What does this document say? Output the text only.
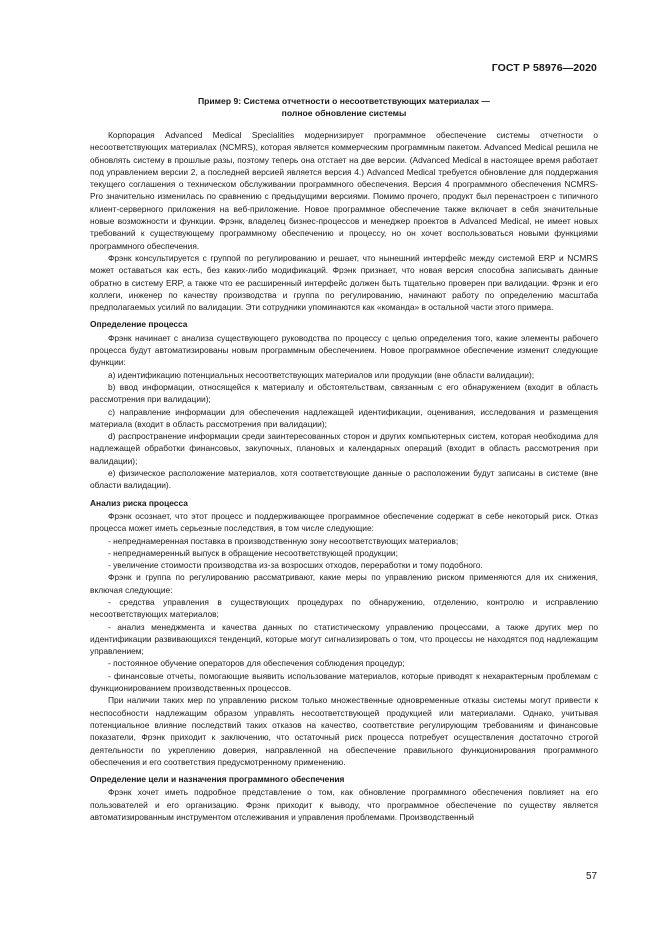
ГОСТ Р 58976—2020
Пример 9: Система отчетности о несоответствующих материалах —
полное обновление системы

Корпорация Advanced Medical Specialities модернизирует программное обеспечение системы отчетности о несоответствующих материалах (NCMRS), которая является коммерческим программным пакетом. Advanced Medical решила не обновлять систему в прошлые разы, поэтому теперь она отстает на две версии. (Advanced Medical в настоящее время работает под управлением версии 2, а последней версией является версия 4.) Advanced Medical требуется обновление для поддержания текущего соглашения о техническом обслуживании программного обеспечения. Версия 4 программного обеспечения NCMRS-Pro значительно изменилась по сравнению с предыдущими версиями. Помимо прочего, продукт был перенастроен с типичного клиент-серверного приложения на веб-приложение. Новое программное обеспечение также включает в себя значительные новые возможности и функции. Фрэнк, владелец бизнес-процессов и менеджер проектов в Advanced Medical, не имеет новых требований к существующему программному обеспечению и процессу, но он хочет воспользоваться новыми функциями программного обеспечения.

Фрэнк консультируется с группой по регулированию и решает, что нынешний интерфейс между системой ERP и NCMRS может оставаться как есть, без каких-либо модификаций. Фрэнк признает, что новая версия способна записывать данные обратно в систему ERP, а также что ее расширенный интерфейс должен быть тщательно проверен при валидации. Фрэнк и его коллеги, инженер по качеству производства и группа по регулированию, начинают работу по определению масштаба предполагаемых усилий по валидации. Эти сотрудники упоминаются как «команда» в остальной части этого примера.

Определение процесса

Фрэнк начинает с анализа существующего руководства по процессу с целью определения того, какие элементы рабочего процесса будут автоматизированы новым программным обеспечением. Новое программное обеспечение изменит следующие функции:

a) идентификацию потенциальных несоответствующих материалов или продукции (вне области валидации);

b) ввод информации, относящейся к материалу и обстоятельствам, связанным с его обнаружением (входит в область рассмотрения при валидации);

c) направление информации для обеспечения надлежащей идентификации, оценивания, исследования и размещения материала (входит в область рассмотрения при валидации);

d) распространение информации среди заинтересованных сторон и других компьютерных систем, которая необходима для надлежащей обработки финансовых, закупочных, плановых и календарных операций (входит в область рассмотрения при валидации);

e) физическое расположение материалов, хотя соответствующие данные о расположении будут записаны в системе (вне области валидации).

Анализ риска процесса

Фрэнк осознает, что этот процесс и поддерживающее программное обеспечение содержат в себе некоторый риск. Отказ процесса может иметь серьезные последствия, в том числе следующие:

- непреднамеренная поставка в производственную зону несоответствующих материалов;

- непреднамеренный выпуск в обращение несоответствующей продукции;

- увеличение стоимости производства из-за возросших отходов, переработки и тому подобного.

Фрэнк и группа по регулированию рассматривают, какие меры по управлению риском применяются для их снижения, включая следующие:

- средства управления в существующих процедурах по обнаружению, отделению, контролю и исправлению несоответствующих материалов;

- анализ менеджмента и качества данных по статистическому управлению процессами, а также других мер по идентификации развивающихся тенденций, которые могут сигнализировать о том, что процессы не находятся под надлежащим управлением;

- постоянное обучение операторов для обеспечения соблюдения процедур;

- финансовые отчеты, помогающие выявить использование материалов, которые приводят к нехарактерным проблемам с функционированием производственных процессов.

При наличии таких мер по управлению риском только множественные одновременные отказы системы могут привести к неспособности надлежащим образом управлять несоответствующей продукцией или материалами. Однако, учитывая потенциальное влияние последствий таких отказов на качество, соответствие регулирующим требованиям и финансовые показатели, Фрэнк приходит к заключению, что остаточный риск процесса потребует осуществления достаточно строгой деятельности по укреплению доверия, направленной на обеспечение правильного функционирования программного обеспечения и его соответствия предусмотренному применению.

Определение цели и назначения программного обеспечения

Фрэнк хочет иметь подробное представление о том, как обновление программного обеспечения повлияет на его пользователей и его организацию. Фрэнк приходит к выводу, что программное обеспечение по существу является автоматизированным инструментом отслеживания и управления проблемами. Производственный

57
